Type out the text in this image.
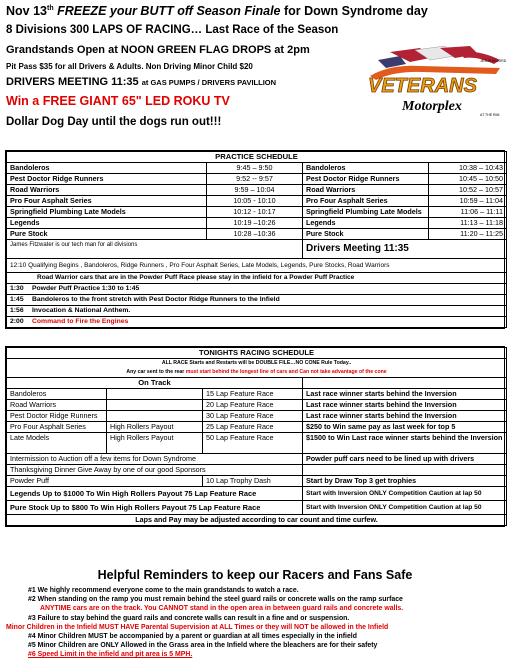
Nov 13th FREEZE your BUTT off Season Finale for Down Syndrome day
8 Divisions 300 LAPS OF RACING… Last Race of the Season
Grandstands Open at NOON GREEN FLAG DROPS at 2pm
Pit Pass $35 for all Drivers & Adults. Non Driving Minor Child $20
DRIVERS MEETING 11:35 at GAS PUMPS / DRIVERS PAVILLION
Win a FREE GIANT 65" LED ROKU TV
Dollar Dog Day until the dogs run out!!!
JESUS IS LORD
VETERANS
Motorplex
AT THE RIM
PRACTICE SCHEDULE			
Bandoleros	9:45 – 9:50	Bandoleros	10:38 – 10:43
Pest Doctor Ridge Runners	9:52 -- 9:57	Pest Doctor Ridge Runners	10:45 – 10:50
Road Warriors	9:59 – 10:04	Road Warriors	10:52 – 10:57
Pro Four Asphalt Series	10:05 - 10:10	Pro Four Asphalt Series	10:59 – 11:04
Springfield Plumbing Late Models	10:12 - 10:17	Springfield Plumbing Late Models	11:06 – 11:11
Legends	10:19 –10:26	Legends	11:13 – 11:18
Pure Stock	10:28 –10:36	Pure Stock	11:20 – 11:25
James Fitzwater is our tech man for all divisions		Drivers Meeting 11:35	
12:10 Qualifying Begins , Bandoleros, Ridge Runners , Pro Four Asphalt Series, Late Models, Legends, Pure Stocks, Road Warriors			
Road Warrior cars that are in the Powder Puff Race please stay in the infield for a Powder Puff Practice			
1:30 Powder Puff Practice 1:30 to 1:45			
1:45 Bandoleros to the front stretch with Pest Doctor Ridge Runners to the Infield			
1:56 Invocation & National Anthem.			
2:00 Command to Fire the Engines			
TONIGHTS RACING SCHEDULE			
ALL RACE Starts and Restarts will be DOUBLE FILE…NO CONE Rule Today..			
Any car sent to the rear must start behind the longest line of cars and Can not take advantage of the cone			
On Track			
Bandoleros		15 Lap Feature Race	Last race winner starts behind the Inversion
Road Warriors		20 Lap Feature Race	Last race winner starts behind the Inversion
Pest Doctor Ridge Runners		30 Lap Feature Race	Last race winner starts behind the Inversion
Pro Four Asphalt Series	High Rollers Payout	25 Lap Feature Race	$250 to Win same pay as last week for top 5
Late Models	High Rollers Payout	50 Lap Feature Race	$1500 to Win Last race winner starts behind the Inversion
Intermission to Auction off a few items for Down Syndrome			Powder puff cars need to be lined up with drivers
Thanksgiving Dinner Give Away by one of our good Sponsors			
Powder Puff		10 Lap Trophy Dash	Start by Draw Top 3 get trophies
Legends Up to $1000 To Win High Rollers Payout 75 Lap Feature Race			Start with Inversion ONLY Competition Caution at lap 50
Pure Stock Up to $800 To Win High Rollers Payout 75 Lap Feature Race			Start with Inversion ONLY Competition Caution at lap 50
Laps and Pay may be adjusted according to car count and time curfew.			
Helpful Reminders to keep our Racers and Fans Safe
#1 We highly recommend everyone come to the main grandstands to watch a race.
#2 When standing on the ramp you must remain behind the steel guard rails or concrete walls on the ramp surface
ANYTIME cars are on the track. You CANNOT stand in the open area in between guard rails and concrete walls.
#3 Failure to stay behind the guard rails and concrete walls can result in a fine and or suspension.
Minor Children in the Infield MUST HAVE Parental Supervision at ALL Times or they will NOT be allowed in the Infield
#4 Minor Children MUST be accompanied by a parent or guardian at all times especially in the infield
#5 Minor Children are ONLY Allowed in the Grass area in the Infield where the bleachers are for their safety
#6 Speed Limit in the infield and pit area is 5 MPH.
